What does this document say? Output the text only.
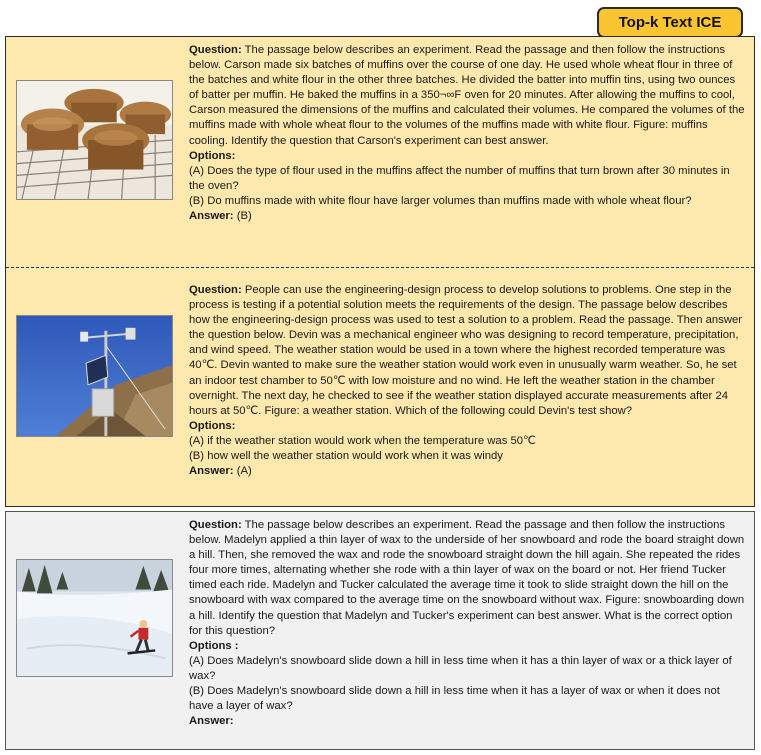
Top-k Text ICE

Question: The passage below describes an experiment. Read the passage and then follow the instructions below. Carson made six batches of muffins over the course of one day. He used whole wheat flour in three of the batches and white flour in the other three batches. He divided the batter into muffin tins, using two ounces of batter per muffin. He baked the muffins in a 350¬∞F oven for 20 minutes. After allowing the muffins to cool, Carson measured the dimensions of the muffins and calculated their volumes. He compared the volumes of the muffins made with whole wheat flour to the volumes of the muffins made with white flour. Figure: muffins cooling. Identify the question that Carson's experiment can best answer.

Options:

(A) Does the type of flour used in the muffins affect the number of muffins that turn brown after 30 minutes in the oven?

(B) Do muffins made with white flour have larger volumes than muffins made with whole wheat flour?

Answer: (B)

Question: People can use the engineering-design process to develop solutions to problems. One step in the process is testing if a potential solution meets the requirements of the design. The passage below describes how the engineering-design process was used to test a solution to a problem. Read the passage. Then answer the question below. Devin was a mechanical engineer who was designing to record temperature, precipitation, and wind speed. The weather station would be used in a town where the highest recorded temperature was 40℃. Devin wanted to make sure the weather station would work even in unusually warm weather. So, he set an indoor test chamber to 50℃ with low moisture and no wind. He left the weather station in the chamber overnight. The next day, he checked to see if the weather station displayed accurate measurements after 24 hours at 50℃. Figure: a weather station. Which of the following could Devin's test show?

Options:

(A) if the weather station would work when the temperature was 50℃

(B) how well the weather station would work when it was windy

Answer: (A)

Question: The passage below describes an experiment. Read the passage and then follow the instructions below. Madelyn applied a thin layer of wax to the underside of her snowboard and rode the board straight down a hill. Then, she removed the wax and rode the snowboard straight down the hill again. She repeated the rides four more times, alternating whether she rode with a thin layer of wax on the board or not. Her friend Tucker timed each ride. Madelyn and Tucker calculated the average time it took to slide straight down the hill on the snowboard with wax compared to the average time on the snowboard without wax. Figure: snowboarding down a hill. Identify the question that Madelyn and Tucker's experiment can best answer. What is the correct option for this question?

Options :

(A) Does Madelyn's snowboard slide down a hill in less time when it has a thin layer of wax or a thick layer of wax?

(B) Does Madelyn's snowboard slide down a hill in less time when it has a layer of wax or when it does not have a layer of wax?

Answer:
